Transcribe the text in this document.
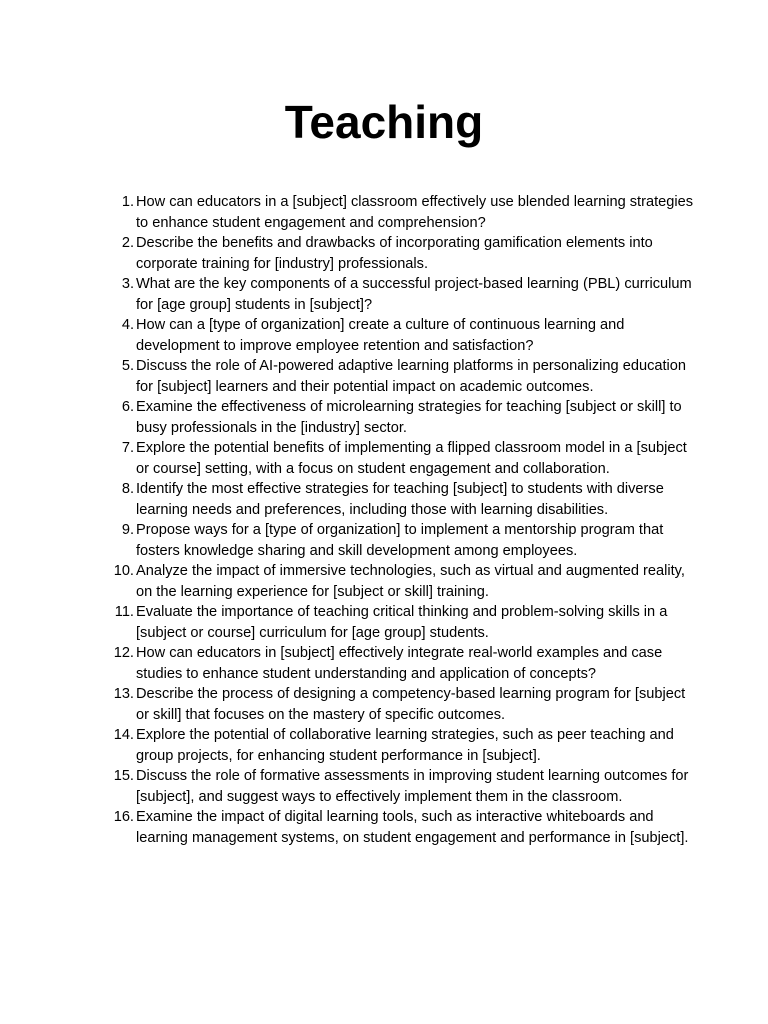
Teaching
1. How can educators in a [subject] classroom effectively use blended learning strategies to enhance student engagement and comprehension?
2. Describe the benefits and drawbacks of incorporating gamification elements into corporate training for [industry] professionals.
3. What are the key components of a successful project-based learning (PBL) curriculum for [age group] students in [subject]?
4. How can a [type of organization] create a culture of continuous learning and development to improve employee retention and satisfaction?
5. Discuss the role of AI-powered adaptive learning platforms in personalizing education for [subject] learners and their potential impact on academic outcomes.
6. Examine the effectiveness of microlearning strategies for teaching [subject or skill] to busy professionals in the [industry] sector.
7. Explore the potential benefits of implementing a flipped classroom model in a [subject or course] setting, with a focus on student engagement and collaboration.
8. Identify the most effective strategies for teaching [subject] to students with diverse learning needs and preferences, including those with learning disabilities.
9. Propose ways for a [type of organization] to implement a mentorship program that fosters knowledge sharing and skill development among employees.
10. Analyze the impact of immersive technologies, such as virtual and augmented reality, on the learning experience for [subject or skill] training.
11. Evaluate the importance of teaching critical thinking and problem-solving skills in a [subject or course] curriculum for [age group] students.
12. How can educators in [subject] effectively integrate real-world examples and case studies to enhance student understanding and application of concepts?
13. Describe the process of designing a competency-based learning program for [subject or skill] that focuses on the mastery of specific outcomes.
14. Explore the potential of collaborative learning strategies, such as peer teaching and group projects, for enhancing student performance in [subject].
15. Discuss the role of formative assessments in improving student learning outcomes for [subject], and suggest ways to effectively implement them in the classroom.
16. Examine the impact of digital learning tools, such as interactive whiteboards and learning management systems, on student engagement and performance in [subject].
